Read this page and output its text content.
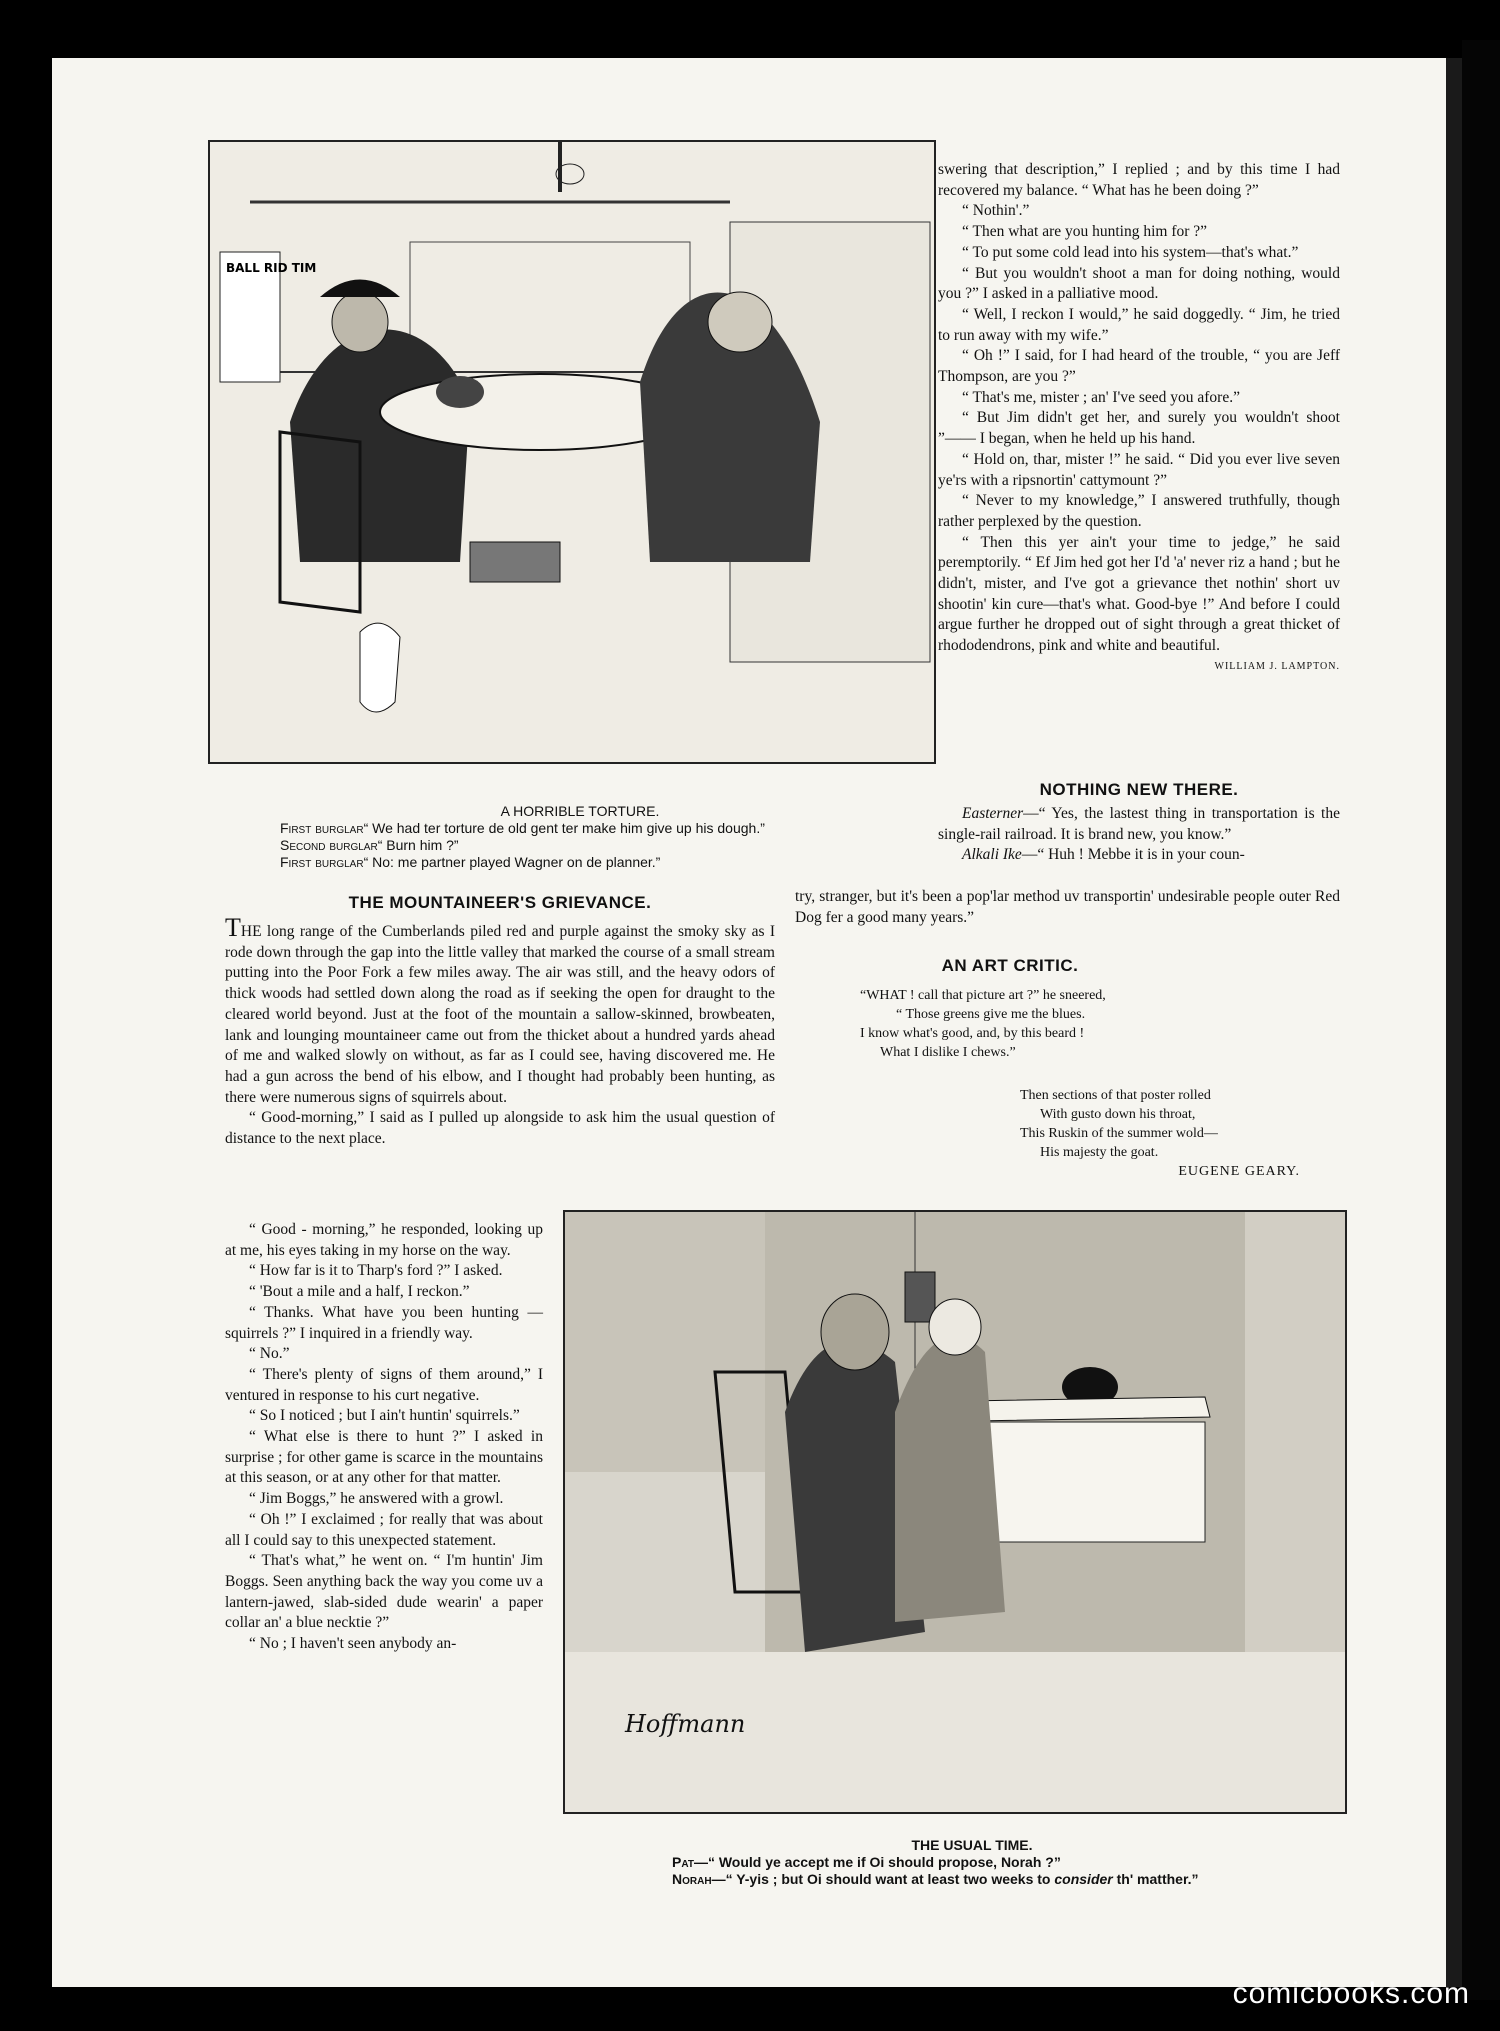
BALL RID TIM
A HORRIBLE TORTURE.
First burglar“ We had ter torture de old gent ter make him give up his dough.”
Second burglar“ Burn him ?”
First burglar“ No: me partner played Wagner on de planner.”
THE MOUNTAINEER'S GRIEVANCE.

THE long range of the Cumberlands piled red and purple against the smoky sky as I rode down through the gap into the little valley that marked the course of a small stream putting into the Poor Fork a few miles away. The air was still, and the heavy odors of thick woods had settled down along the road as if seeking the open for draught to the cleared world beyond. Just at the foot of the mountain a sallow-skinned, browbeaten, lank and lounging mountaineer came out from the thicket about a hundred yards ahead of me and walked slowly on without, as far as I could see, having discovered me. He had a gun across the bend of his elbow, and I thought had probably been hunting, as there were numerous signs of squirrels about.

“ Good-morning,” I said as I pulled up alongside to ask him the usual question of distance to the next place.

“ Good - morning,” he responded, looking up at me, his eyes taking in my horse on the way.

“ How far is it to Tharp's ford ?” I asked.

“ 'Bout a mile and a half, I reckon.”

“ Thanks. What have you been hunting — squirrels ?” I inquired in a friendly way.

“ No.”

“ There's plenty of signs of them around,” I ventured in response to his curt negative.

“ So I noticed ; but I ain't huntin' squirrels.”

“ What else is there to hunt ?” I asked in surprise ; for other game is scarce in the mountains at this season, or at any other for that matter.

“ Jim Boggs,” he answered with a growl.

“ Oh !” I exclaimed ; for really that was about all I could say to this unexpected statement.

“ That's what,” he went on. “ I'm huntin' Jim Boggs. Seen anything back the way you come uv a lantern-jawed, slab-sided dude wearin' a paper collar an' a blue necktie ?”

“ No ; I haven't seen anybody an-

swering that description,” I replied ; and by this time I had recovered my balance. “ What has he been doing ?”

“ Nothin'.”

“ Then what are you hunting him for ?”

“ To put some cold lead into his system—that's what.”

“ But you wouldn't shoot a man for doing nothing, would you ?” I asked in a palliative mood.

“ Well, I reckon I would,” he said doggedly. “ Jim, he tried to run away with my wife.”

“ Oh !” I said, for I had heard of the trouble, “ you are Jeff Thompson, are you ?”

“ That's me, mister ; an' I've seed you afore.”

“ But Jim didn't get her, and surely you wouldn't shoot ”—— I began, when he held up his hand.

“ Hold on, thar, mister !” he said. “ Did you ever live seven ye'rs with a ripsnortin' cattymount ?”

“ Never to my knowledge,” I answered truthfully, though rather perplexed by the question.

“ Then this yer ain't your time to jedge,” he said peremptorily. “ Ef Jim hed got her I'd 'a' never riz a hand ; but he didn't, mister, and I've got a grievance thet nothin' short uv shootin' kin cure—that's what. Good-bye !” And before I could argue further he dropped out of sight through a great thicket of rhododendrons, pink and white and beautiful.

WILLIAM J. LAMPTON.
NOTHING NEW THERE.

Easterner—“ Yes, the lastest thing in transportation is the single-rail railroad. It is brand new, you know.”

Alkali Ike—“ Huh ! Mebbe it is in your coun-

try, stranger, but it's been a pop'lar method uv transportin' undesirable people outer Red Dog fer a good many years.”

AN ART CRITIC.
“WHAT ! call that picture art ?” he sneered,
“ Those greens give me the blues.
I know what's good, and, by this beard !
What I dislike I chews.”
Then sections of that poster rolled
With gusto down his throat,
This Ruskin of the summer wold—
His majesty the goat.
EUGENE GEARY.
Hoffmann
THE USUAL TIME.
Pat—“ Would ye accept me if Oi should propose, Norah ?”
Norah—“ Y-yis ; but Oi should want at least two weeks to consider th' matther.”
comicbooks.com
